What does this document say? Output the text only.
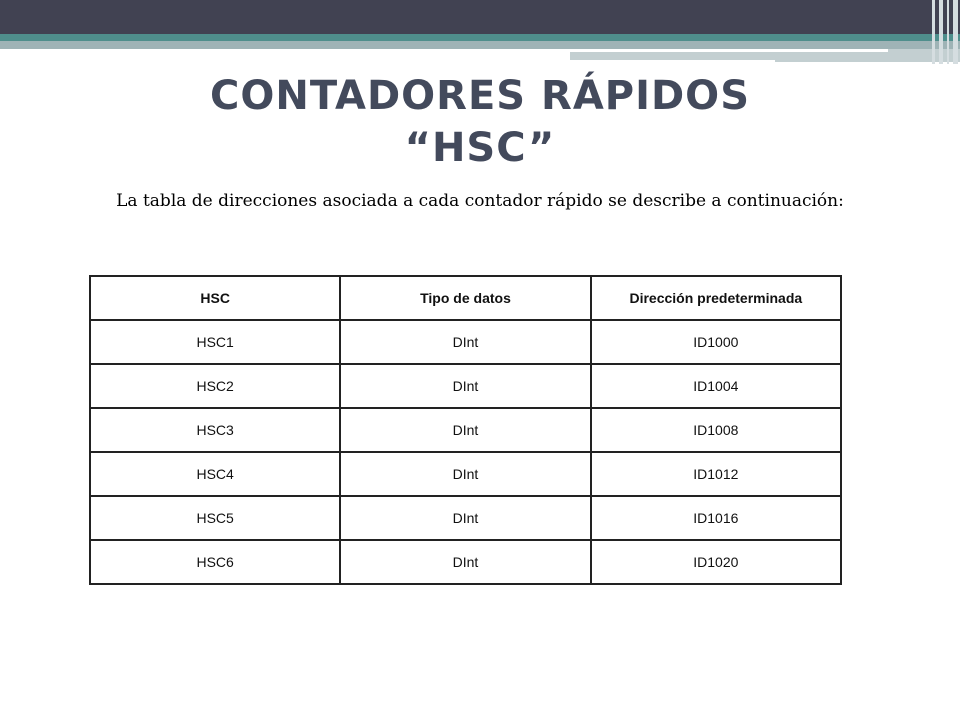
CONTADORES RÁPIDOS
“HSC”
La tabla de direcciones asociada a cada contador rápido se describe a continuación:
HSC	Tipo de datos	Dirección predeterminada
HSC1	DInt	ID1000
HSC2	DInt	ID1004
HSC3	DInt	ID1008
HSC4	DInt	ID1012
HSC5	DInt	ID1016
HSC6	DInt	ID1020
